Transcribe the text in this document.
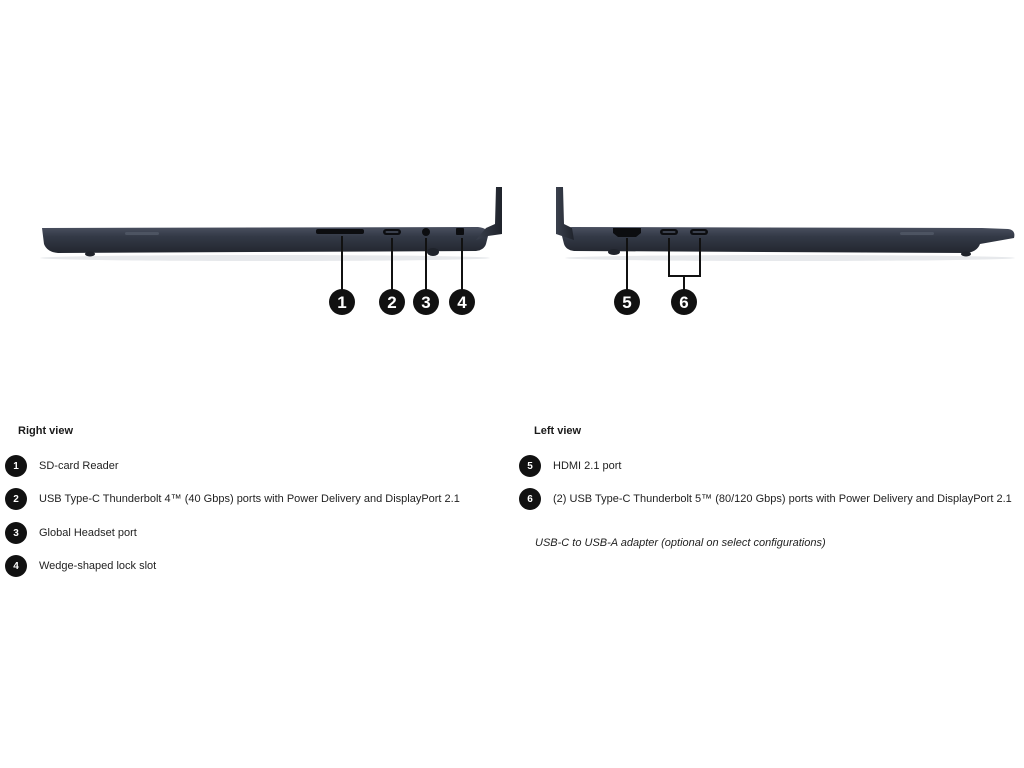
1 2 3 4	5	6
Right view
1	SD-card Reader
2	USB Type-C Thunderbolt 4™ (40 Gbps) ports with Power Delivery and DisplayPort 2.1
3	Global Headset port
4	Wedge-shaped lock slot
Left view
5	HDMI 2.1 port
6	(2) USB Type-C Thunderbolt 5™ (80/120 Gbps) ports with Power Delivery and DisplayPort 2.1
USB-C to USB-A adapter (optional on select configurations)
